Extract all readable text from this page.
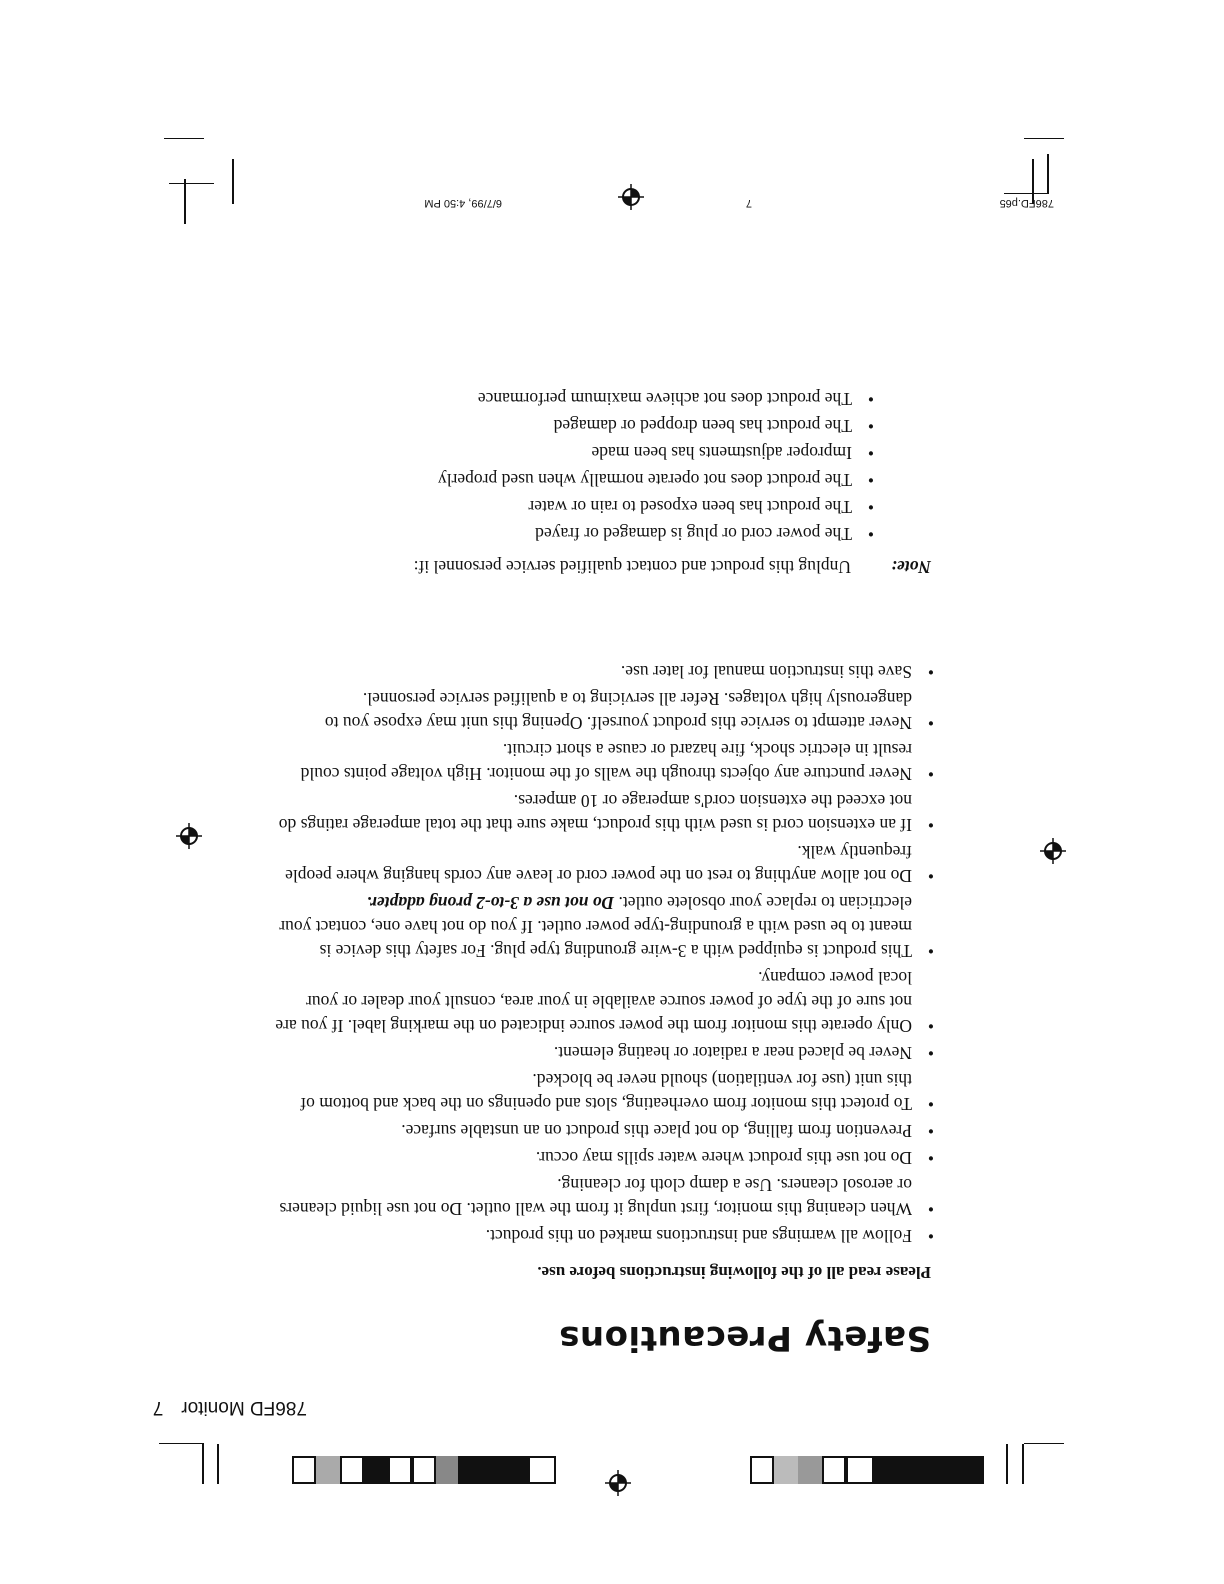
786FD.p65
7
6/7/99, 4:50 PM
786FD Monitor7
Safety Precautions
Please read all of the following instructions before use.
•
Follow all warnings and instructions marked on this product.
•
When cleaning this monitor, first unplug it from the wall outlet. Do not use liquid cleaners or aerosol cleaners. Use a damp cloth for cleaning.
•
Do not use this product where water spills may occur.
•
Prevention from falling, do not place this product on an unstable surface.
•
To protect this monitor from overheating, slots and openings on the back and bottom of this unit (use for ventilation) should never be blocked.
•
Never be placed near a radiator or heating element.
•
Only operate this monitor from the power source indicated on the marking label. If you are not sure of the type of power source available in your area, consult your dealer or your local power company.
•
This product is equipped with a 3-wire grounding type plug. For safety this device is meant to be used with a grounding-type power outlet. If you do not have one, contact your electrician to replace your obsolete outlet. Do not use a 3-to-2 prong adapter.
•
Do not allow anything to rest on the power cord or leave any cords hanging where people frequently walk.
•
If an extension cord is used with this product, make sure that the total amperage ratings do not exceed the extension cord's amperage or 10 amperes.
•
Never puncture any objects through the walls of the monitor. High voltage points could result in electric shock, fire hazard or cause a short circuit.
•
Never attempt to service this product yourself. Opening this unit may expose you to dangerously high voltages. Refer all servicing to a qualified service personnel.
•
Save this instruction manual for later use.
Note:Unplug this product and contact qualified service personnel if:
•
The power cord or plug is damaged or frayed
•
The product has been exposed to rain or water
•
The product does not operate normally when used properly
•
Improper adjustments has been made
•
The product has been dropped or damaged
•
The product does not achieve maximum performance
